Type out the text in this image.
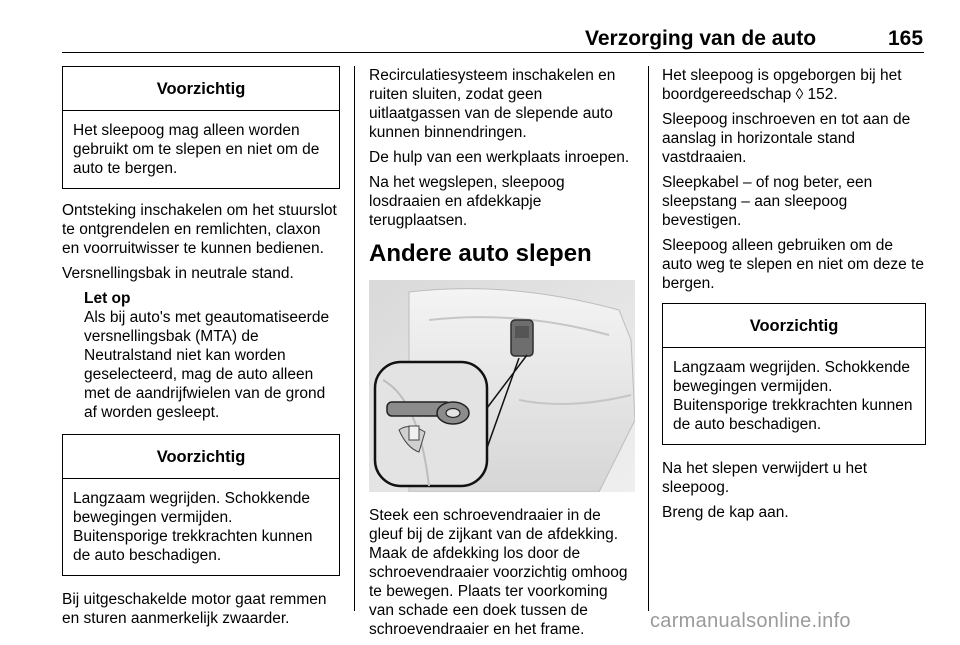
Verzorging van de auto	165
Voorzichtig

Het sleepoog mag alleen worden gebruikt om te slepen en niet om de auto te bergen.

Ontsteking inschakelen om het stuurslot te ontgrendelen en remlichten, claxon en voorruitwisser te kunnen bedienen.

Versnellingsbak in neutrale stand.

Let op

Als bij auto's met geautomatiseerde versnellingsbak (MTA) de Neutralstand niet kan worden geselecteerd, mag de auto alleen met de aandrijfwielen van de grond af worden gesleept.

Voorzichtig

Langzaam wegrijden. Schokkende bewegingen vermijden. Buitensporige trekkrachten kunnen de auto beschadigen.

Bij uitgeschakelde motor gaat remmen en sturen aanmerkelijk zwaarder.

Recirculatiesysteem inschakelen en ruiten sluiten, zodat geen uitlaatgassen van de slepende auto kunnen binnendringen.

De hulp van een werkplaats inroepen.

Na het wegslepen, sleepoog losdraaien en afdekkapje terugplaatsen.

Andere auto slepen

Steek een schroevendraaier in de gleuf bij de zijkant van de afdekking. Maak de afdekking los door de schroevendraaier voorzichtig omhoog te bewegen. Plaats ter voorkoming van schade een doek tussen de schroevendraaier en het frame.

Het sleepoog is opgeborgen bij het boordgereedschap ◊ 152.

Sleepoog inschroeven en tot aan de aanslag in horizontale stand vastdraaien.

Sleepkabel – of nog beter, een sleepstang – aan sleepoog bevestigen.

Sleepoog alleen gebruiken om de auto weg te slepen en niet om deze te bergen.

Voorzichtig

Langzaam wegrijden. Schokkende bewegingen vermijden. Buitensporige trekkrachten kunnen de auto beschadigen.

Na het slepen verwijdert u het sleepoog.

Breng de kap aan.

carmanualsonline.info
